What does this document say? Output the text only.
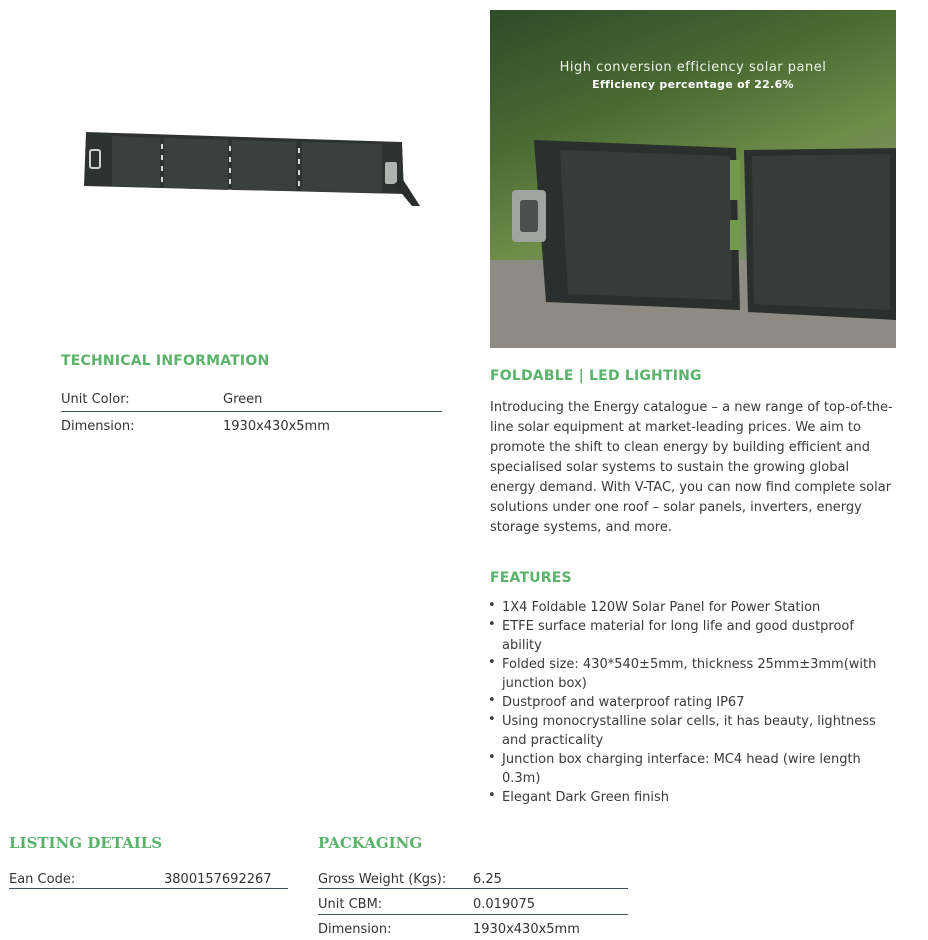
High conversion efficiency solar panel
Efficiency percentage of 22.6%
TECHNICAL INFORMATION
Unit Color:	Green
Dimension:	1930x430x5mm
FOLDABLE | LED LIGHTING
Introducing the Energy catalogue – a new range of top-of-the-line solar equipment at market-leading prices. We aim to promote the shift to clean energy by building efficient and specialised solar systems to sustain the growing global energy demand. With V-TAC, you can now find complete solar solutions under one roof – solar panels, inverters, energy storage systems, and more.
FEATURES
• 1X4 Foldable 120W Solar Panel for Power Station
• ETFE surface material for long life and good dustproof ability
• Folded size: 430*540±5mm, thickness 25mm±3mm(with junction box)
• Dustproof and waterproof rating IP67
• Using monocrystalline solar cells, it has beauty, lightness and practicality
• Junction box charging interface: MC4 head (wire length 0.3m)
• Elegant Dark Green finish
LISTING DETAILS
Ean Code:	3800157692267
PACKAGING
Gross Weight (Kgs): 6.25
Unit CBM:	0.019075
Dimension:	1930x430x5mm
